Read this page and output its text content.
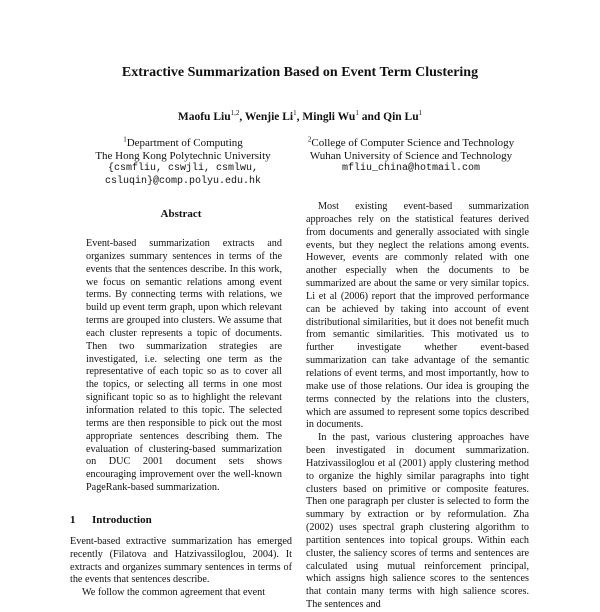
Extractive Summarization Based on Event Term Clustering
Maofu Liu$^{1,2}$, Wenjie Li$^1$, Mingli Wu$^1$ and Qin Lu$^1$
$^1$Department of Computing
The Hong Kong Polytechnic University
{csmfliu, cswjli, csmlwu,
csluqin}@comp.polyu.edu.hk
$^2$College of Computer Science and Technology
Wuhan University of Science and Technology
mfliu_china@hotmail.com
Abstract

Event-based summarization extracts and organizes summary sentences in terms of the events that the sentences describe. In this work, we focus on semantic relations among event terms. By connecting terms with relations, we build up event term graph, upon which relevant terms are grouped into clusters. We assume that each cluster represents a topic of documents. Then two summarization strategies are investigated, i.e. selecting one term as the representative of each topic so as to cover all the topics, or selecting all terms in one most significant topic so as to highlight the relevant information related to this topic. The selected terms are then responsible to pick out the most appropriate sentences describing them. The evaluation of clustering-based summarization on DUC 2001 document sets shows encouraging improvement over the well-known PageRank-based summarization.

1	Introduction

Event-based extractive summarization has emerged recently (Filatova and Hatzivassiloglou, 2004). It extracts and organizes summary sentences in terms of the events that sentences describe.

We follow the common agreement that event

Most existing event-based summarization approaches rely on the statistical features derived from documents and generally associated with single events, but they neglect the relations among events. However, events are commonly related with one another especially when the documents to be summarized are about the same or very similar topics. Li et al (2006) report that the improved performance can be achieved by taking into account of event distributional similarities, but it does not benefit much from semantic similarities. This motivated us to further investigate whether event-based summarization can take advantage of the semantic relations of event terms, and most importantly, how to make use of those relations. Our idea is grouping the terms connected by the relations into the clusters, which are assumed to represent some topics described in documents.

In the past, various clustering approaches have been investigated in document summarization. Hatzivassiloglou et al (2001) apply clustering method to organize the highly similar paragraphs into tight clusters based on primitive or composite features. Then one paragraph per cluster is selected to form the summary by extraction or by reformulation. Zha (2002) uses spectral graph clustering algorithm to partition sentences into topical groups. Within each cluster, the saliency scores of terms and sentences are calculated using mutual reinforcement principal, which assigns high salience scores to the sentences that contain many terms with high salience scores. The sentences and
